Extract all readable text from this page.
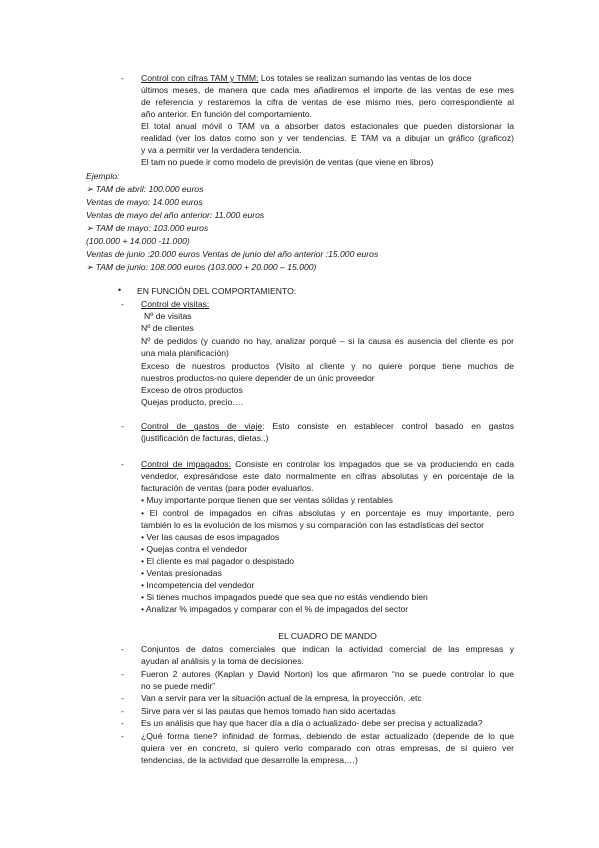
- Control con cifras TAM y TMM: Los totales se realizan sumando las ventas de los doce
últimos meses, de manera que cada mes añadiremos el importe de las ventas de ese mes
de referencia y restaremos la cifra de ventas de ese mismo mes, pero correspondiente al
año anterior. En función del comportamiento.
El total anual móvil o TAM va a absorber datos estacionales que pueden distorsionar la
realidad (ver los datos como son y ver tendencias. E TAM va a dibujar un gráfico (graficoz)
y va a permitir ver la verdadera tendencia.
El tam no puede ir como modelo de previsión de ventas (que viene en libros)
Ejemplo:
➢ TAM de abril: 100.000 euros
Ventas de mayo: 14.000 euros
Ventas de mayo del año anterior: 11.000 euros
➢ TAM de mayo: 103.000 euros
(100.000 + 14.000 -11.000)
Ventas de junio :20.000 euros Ventas de junio del año anterior :15.000 euros
➢ TAM de junio: 108.000 euros (103.000 + 20.000 – 15.000)
• EN FUNCIÓN DEL COMPORTAMIENTO:
- Control de visitas:
Nº de visitas
Nº de clientes
Nº de pedidos (y cuando no hay, analizar porqué – si la causa es ausencia del cliente es por
una mala planificación)
Exceso de nuestros productos (Visito al cliente y no quiere porque tiene muchos de
nuestros productos-no quiere depender de un únic proveedor
Exceso de otros productos
Quejas producto, precio….
- Control de gastos de viaje: Esto consiste en establecer control basado en gastos
(justificación de facturas, dietas..)
- Control de impagados: Consiste en controlar los impagados que se va produciendo en cada
vendedor, expresándose este dato normalmente en cifras absolutas y en porcentaje de la
facturación de ventas (para poder evaluarlos.
• Muy importante porque tienen que ser ventas sólidas y rentables
• El control de impagados en cifras absolutas y en porcentaje es muy importante, pero
también lo es la evolución de los mismos y su comparación con las estadísticas del sector
• Ver las causas de esos impagados
• Quejas contra el vendedor
• El cliente es mal pagador o despistado
• Ventas presionadas
• Incompetencia del vendedor
• Si tienes muchos impagados puede que sea que no estás vendiendo bien
• Analizar % impagados y comparar con el % de impagados del sector
EL CUADRO DE MANDO
- Conjuntos de datos comerciales que indican la actividad comercial de las empresas y
ayudan al análisis y la toma de decisiones.
- Fueron 2 autores (Kaplan y David Norton) los que afirmaron “no se puede controlar lo que
no se puede medir”
- Van a servir para ver la situación actual de la empresa, la proyección. .etc
- Sirve para ver si las pautas que hemos tomado han sido acertadas
- Es un análisis que hay que hacer día a día o actualizado- debe ser precisa y actualizada?
- ¿Qué forma tiene? infinidad de formas, debiendo de estar actualizado (depende de lo que
quiera ver en concreto, si quiero verlo comparado con otras empresas, de sí quiero ver
tendencias, de la actividad que desarrolle la empresa,…)
